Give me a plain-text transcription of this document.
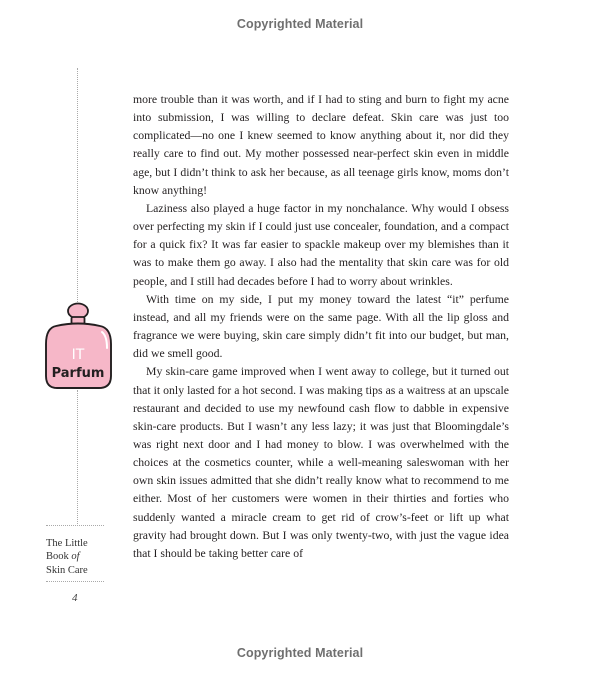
Copyrighted Material
IT
Parfum
The Little
Book of
Skin Care
4

more trouble than it was worth, and if I had to sting and burn to fight my acne into submission, I was willing to declare defeat. Skin care was just too complicated—no one I knew seemed to know anything about it, nor did they really care to find out. My mother possessed near-perfect skin even in middle age, but I didn’t think to ask her because, as all teenage girls know, moms don’t know anything!

Laziness also played a huge factor in my nonchalance. Why would I obsess over perfecting my skin if I could just use concealer, foundation, and a compact for a quick fix? It was far easier to spackle makeup over my blemishes than it was to make them go away. I also had the mentality that skin care was for old people, and I still had decades before I had to worry about wrinkles.

With time on my side, I put my money toward the latest “it” perfume instead, and all my friends were on the same page. With all the lip gloss and fragrance we were buying, skin care simply didn’t fit into our budget, but man, did we smell good.

My skin-care game improved when I went away to college, but it turned out that it only lasted for a hot second. I was making tips as a waitress at an upscale restaurant and decided to use my newfound cash flow to dabble in expensive skin-care products. But I wasn’t any less lazy; it was just that Bloomingdale’s was right next door and I had money to blow. I was overwhelmed with the choices at the cosmetics counter, while a well-meaning saleswoman with her own skin issues admitted that she didn’t really know what to recommend to me either. Most of her customers were women in their thirties and forties who suddenly wanted a miracle cream to get rid of crow’s-feet or lift up what gravity had brought down. But I was only twenty-two, with just the vague idea that I should be taking better care of

Copyrighted Material
